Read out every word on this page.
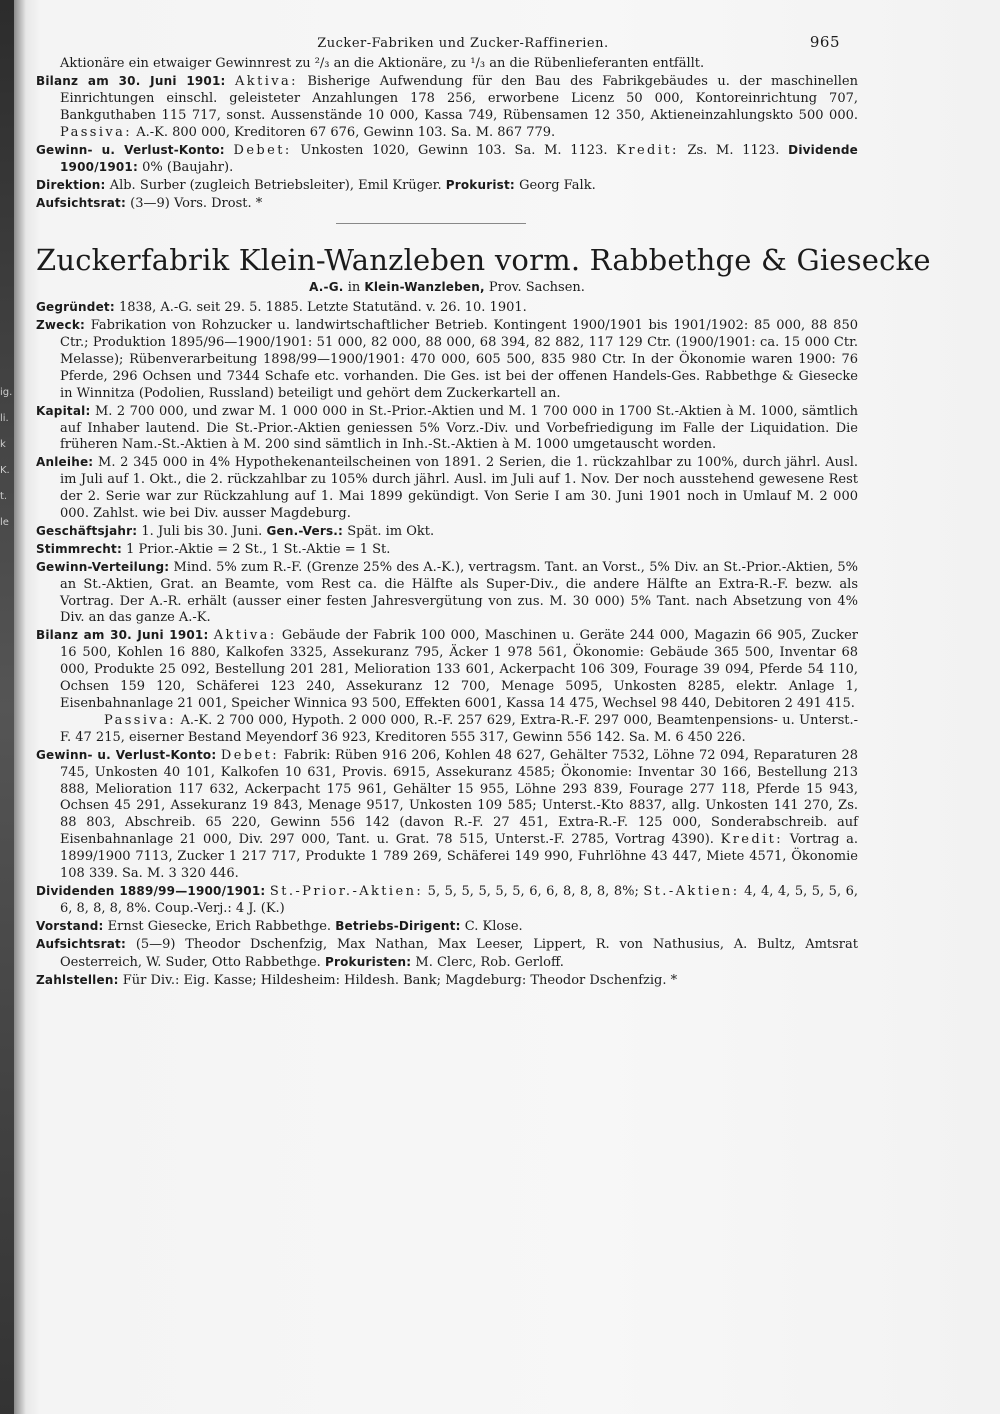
ig.
li.
k
K.
t.
le
Zucker-Fabriken und Zucker-Raffinerien.	965

Aktionäre ein etwaiger Gewinnrest zu ²/₃ an die Aktionäre, zu ¹/₃ an die Rübenlieferanten entfällt.

Bilanz am 30. Juni 1901: Aktiva: Bisherige Aufwendung für den Bau des Fabrikgebäudes u. der maschinellen Einrichtungen einschl. geleisteter Anzahlungen 178 256, erworbene Licenz 50 000, Kontoreinrichtung 707, Bankguthaben 115 717, sonst. Aussenstände 10 000, Kassa 749, Rübensamen 12 350, Aktieneinzahlungskto 500 000. Passiva: A.-K. 800 000, Kreditoren 67 676, Gewinn 103. Sa. M. 867 779.

Gewinn- u. Verlust-Konto: Debet: Unkosten 1020, Gewinn 103. Sa. M. 1123. Kredit: Zs. M. 1123. Dividende 1900/1901: 0% (Baujahr).

Direktion: Alb. Surber (zugleich Betriebsleiter), Emil Krüger. Prokurist: Georg Falk.

Aufsichtsrat: (3—9) Vors. Drost. *

Zuckerfabrik Klein-Wanzleben vorm. Rabbethge & Giesecke
A.-G. in Klein-Wanzleben, Prov. Sachsen.

Gegründet: 1838, A.-G. seit 29. 5. 1885. Letzte Statutänd. v. 26. 10. 1901.

Zweck: Fabrikation von Rohzucker u. landwirtschaftlicher Betrieb. Kontingent 1900/1901 bis 1901/1902: 85 000, 88 850 Ctr.; Produktion 1895/96—1900/1901: 51 000, 82 000, 88 000, 68 394, 82 882, 117 129 Ctr. (1900/1901: ca. 15 000 Ctr. Melasse); Rübenverarbeitung 1898/99—1900/1901: 470 000, 605 500, 835 980 Ctr. In der Ökonomie waren 1900: 76 Pferde, 296 Ochsen und 7344 Schafe etc. vorhanden. Die Ges. ist bei der offenen Handels-Ges. Rabbethge & Giesecke in Winnitza (Podolien, Russland) beteiligt und gehört dem Zuckerkartell an.

Kapital: M. 2 700 000, und zwar M. 1 000 000 in St.-Prior.-Aktien und M. 1 700 000 in 1700 St.-Aktien à M. 1000, sämtlich auf Inhaber lautend. Die St.-Prior.-Aktien geniessen 5% Vorz.-Div. und Vorbefriedigung im Falle der Liquidation. Die früheren Nam.-St.-Aktien à M. 200 sind sämtlich in Inh.-St.-Aktien à M. 1000 umgetauscht worden.

Anleihe: M. 2 345 000 in 4% Hypothekenanteilscheinen von 1891. 2 Serien, die 1. rückzahlbar zu 100%, durch jährl. Ausl. im Juli auf 1. Okt., die 2. rückzahlbar zu 105% durch jährl. Ausl. im Juli auf 1. Nov. Der noch ausstehend gewesene Rest der 2. Serie war zur Rückzahlung auf 1. Mai 1899 gekündigt. Von Serie I am 30. Juni 1901 noch in Umlauf M. 2 000 000. Zahlst. wie bei Div. ausser Magdeburg.

Geschäftsjahr: 1. Juli bis 30. Juni. Gen.-Vers.: Spät. im Okt.

Stimmrecht: 1 Prior.-Aktie = 2 St., 1 St.-Aktie = 1 St.

Gewinn-Verteilung: Mind. 5% zum R.-F. (Grenze 25% des A.-K.), vertragsm. Tant. an Vorst., 5% Div. an St.-Prior.-Aktien, 5% an St.-Aktien, Grat. an Beamte, vom Rest ca. die Hälfte als Super-Div., die andere Hälfte an Extra-R.-F. bezw. als Vortrag. Der A.-R. erhält (ausser einer festen Jahresvergütung von zus. M. 30 000) 5% Tant. nach Absetzung von 4% Div. an das ganze A.-K.

Bilanz am 30. Juni 1901: Aktiva: Gebäude der Fabrik 100 000, Maschinen u. Geräte 244 000, Magazin 66 905, Zucker 16 500, Kohlen 16 880, Kalkofen 3325, Assekuranz 795, Äcker 1 978 561, Ökonomie: Gebäude 365 500, Inventar 68 000, Produkte 25 092, Bestellung 201 281, Melioration 133 601, Ackerpacht 106 309, Fourage 39 094, Pferde 54 110, Ochsen 159 120, Schäferei 123 240, Assekuranz 12 700, Menage 5095, Unkosten 8285, elektr. Anlage 1, Eisenbahnanlage 21 001, Speicher Winnica 93 500, Effekten 6001, Kassa 14 475, Wechsel 98 440, Debitoren 2 491 415.

Passiva: A.-K. 2 700 000, Hypoth. 2 000 000, R.-F. 257 629, Extra-R.-F. 297 000, Beamtenpensions- u. Unterst.-F. 47 215, eiserner Bestand Meyendorf 36 923, Kreditoren 555 317, Gewinn 556 142. Sa. M. 6 450 226.

Gewinn- u. Verlust-Konto: Debet: Fabrik: Rüben 916 206, Kohlen 48 627, Gehälter 7532, Löhne 72 094, Reparaturen 28 745, Unkosten 40 101, Kalkofen 10 631, Provis. 6915, Assekuranz 4585; Ökonomie: Inventar 30 166, Bestellung 213 888, Melioration 117 632, Ackerpacht 175 961, Gehälter 15 955, Löhne 293 839, Fourage 277 118, Pferde 15 943, Ochsen 45 291, Assekuranz 19 843, Menage 9517, Unkosten 109 585; Unterst.-Kto 8837, allg. Unkosten 141 270, Zs. 88 803, Abschreib. 65 220, Gewinn 556 142 (davon R.-F. 27 451, Extra-R.-F. 125 000, Sonderabschreib. auf Eisenbahnanlage 21 000, Div. 297 000, Tant. u. Grat. 78 515, Unterst.-F. 2785, Vortrag 4390). Kredit: Vortrag a. 1899/1900 7113, Zucker 1 217 717, Produkte 1 789 269, Schäferei 149 990, Fuhrlöhne 43 447, Miete 4571, Ökonomie 108 339. Sa. M. 3 320 446.

Dividenden 1889/99—1900/1901: St.-Prior.-Aktien: 5, 5, 5, 5, 5, 5, 6, 6, 8, 8, 8, 8%; St.-Aktien: 4, 4, 4, 5, 5, 5, 6, 6, 8, 8, 8, 8%. Coup.-Verj.: 4 J. (K.)

Vorstand: Ernst Giesecke, Erich Rabbethge. Betriebs-Dirigent: C. Klose.

Aufsichtsrat: (5—9) Theodor Dschenfzig, Max Nathan, Max Leeser, Lippert, R. von Nathusius, A. Bultz, Amtsrat Oesterreich, W. Suder, Otto Rabbethge. Prokuristen: M. Clerc, Rob. Gerloff.

Zahlstellen: Für Div.: Eig. Kasse; Hildesheim: Hildesh. Bank; Magdeburg: Theodor Dschenfzig. *
